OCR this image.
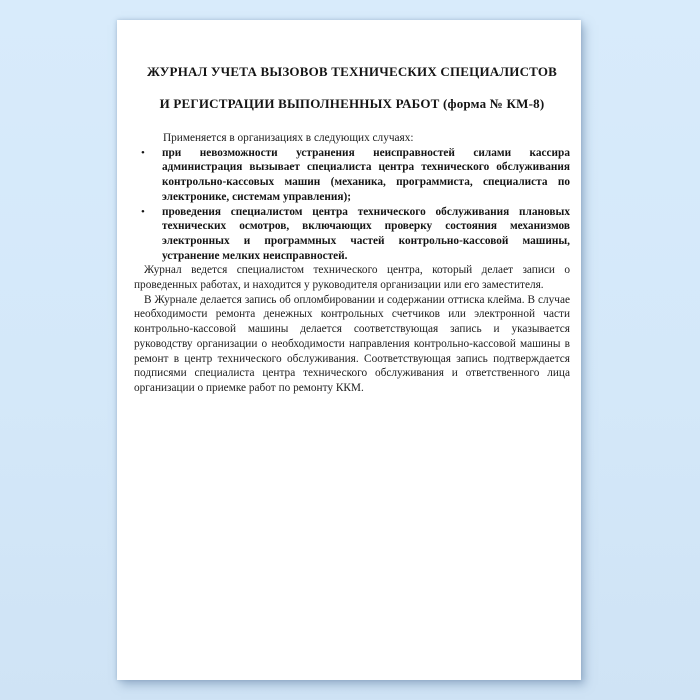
ЖУРНАЛ УЧЕТА ВЫЗОВОВ ТЕХНИЧЕСКИХ СПЕЦИАЛИСТОВ
И РЕГИСТРАЦИИ ВЫПОЛНЕННЫХ РАБОТ (форма № КМ-8)

Применяется в организациях в следующих случаях:

• при невозможности устранения неисправностей силами кассира администрация вызывает специалиста центра технического обслуживания контрольно-кассовых машин (механика, программиста, специалиста по электронике, системам управления);
• проведения специалистом центра технического обслуживания плановых технических осмотров, включающих проверку состояния механизмов электронных и программных частей контрольно-кассовой машины, устранение мелких неисправностей.

Журнал ведется специалистом технического центра, который делает записи о проведенных работах, и находится у руководителя организации или его заместителя.

В Журнале делается запись об опломбировании и содержании оттиска клейма. В случае необходимости ремонта денежных контрольных счетчиков или электронной части контрольно-кассовой машины делается соответствующая запись и указывается руководству организации о необходимости направления контрольно-кассовой машины в ремонт в центр технического обслуживания. Соответствующая запись подтверждается подписями специалиста центра технического обслуживания и ответственного лица организации о приемке работ по ремонту ККМ.
